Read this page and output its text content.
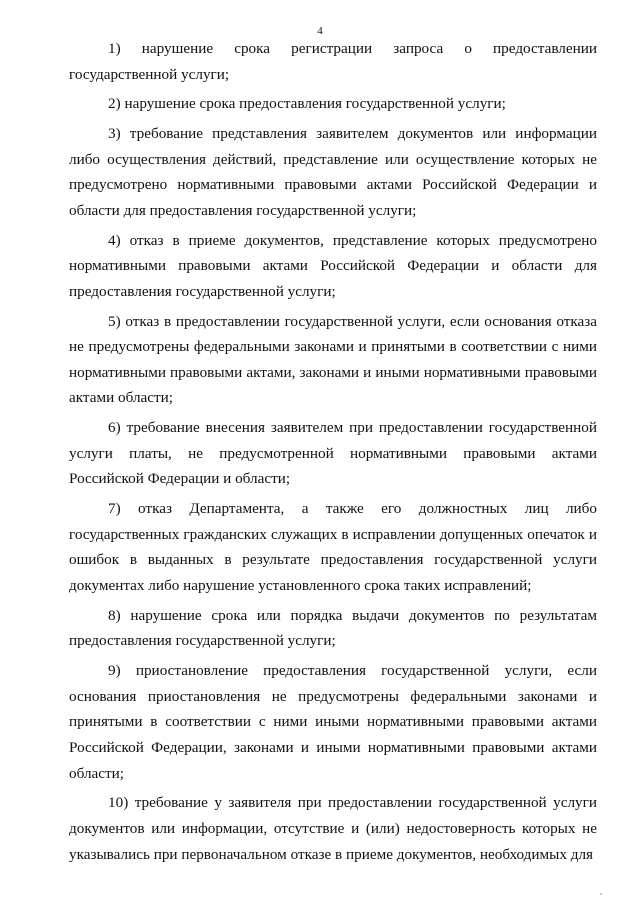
4

1) нарушение срока регистрации запроса о предоставлении государственной услуги;

2) нарушение срока предоставления государственной услуги;

3) требование представления заявителем документов или информации либо осуществления действий, представление или осуществление которых не предусмотрено нормативными правовыми актами Российской Федерации и области для предоставления государственной услуги;

4) отказ в приеме документов, представление которых предусмотрено нормативными правовыми актами Российской Федерации и области для предоставления государственной услуги;

5) отказ в предоставлении государственной услуги, если основания отказа не предусмотрены федеральными законами и принятыми в соответствии с ними нормативными правовыми актами, законами и иными нормативными правовыми актами области;

6) требование внесения заявителем при предоставлении государственной услуги платы, не предусмотренной нормативными правовыми актами Российской Федерации и области;

7) отказ Департамента, а также его должностных лиц либо государственных гражданских служащих в исправлении допущенных опечаток и ошибок в выданных в результате предоставления государственной услуги документах либо нарушение установленного срока таких исправлений;

8) нарушение срока или порядка выдачи документов по результатам предоставления государственной услуги;

9) приостановление предоставления государственной услуги, если основания приостановления не предусмотрены федеральными законами и принятыми в соответствии с ними иными нормативными правовыми актами Российской Федерации, законами и иными нормативными правовыми актами области;

10) требование у заявителя при предоставлении государственной услуги документов или информации, отсутствие и (или) недостоверность которых не указывались при первоначальном отказе в приеме документов, необходимых для
